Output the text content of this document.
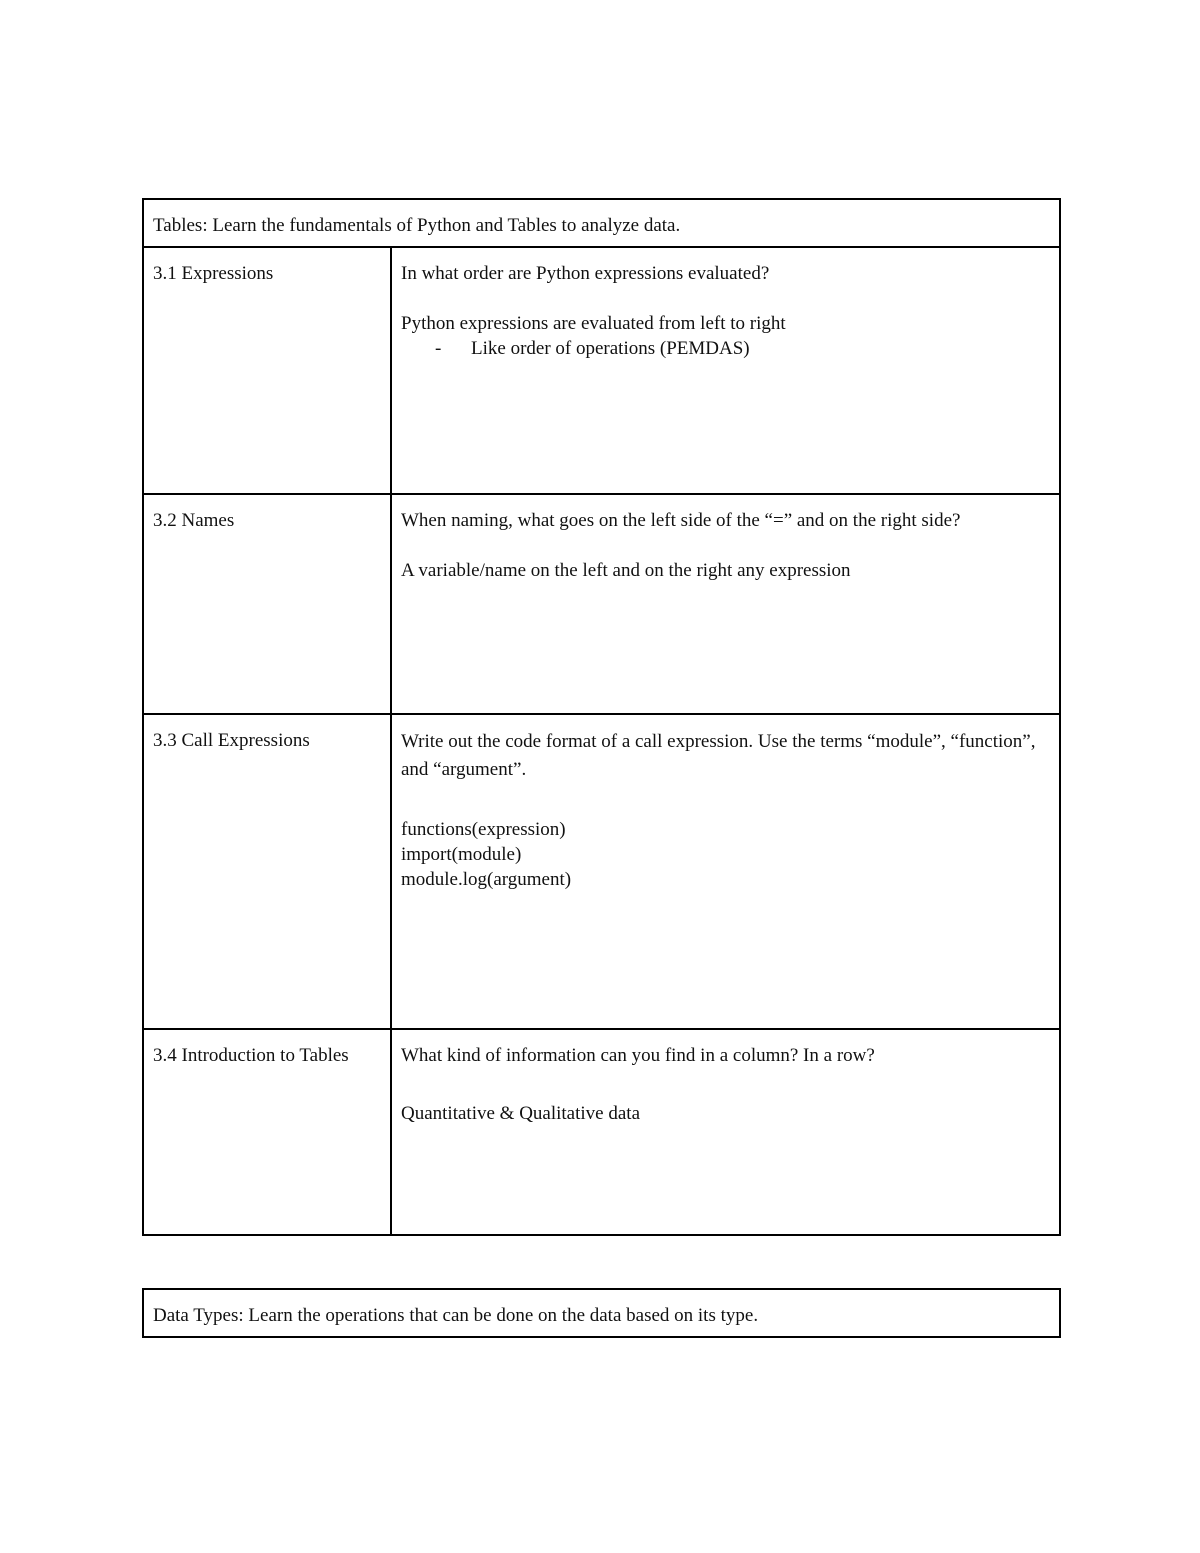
Tables: Learn the fundamentals of Python and Tables to analyze data.	
3.1 Expressions	In what order are Python expressions evaluated?

Python expressions are evaluated from left to right

- Like order of operations (PEMDAS)

3.2 Names	When naming, what goes on the left side of the “=” and on the right side?

A variable/name on the left and on the right any expression

3.3 Call Expressions	Write out the code format of a call expression. Use the terms “module”, “function”, and “argument”.

functions(expression)

import(module)

module.log(argument)

3.4 Introduction to Tables	What kind of information can you find in a column? In a row?

Quantitative & Qualitative data

Data Types: Learn the operations that can be done on the data based on its type.
